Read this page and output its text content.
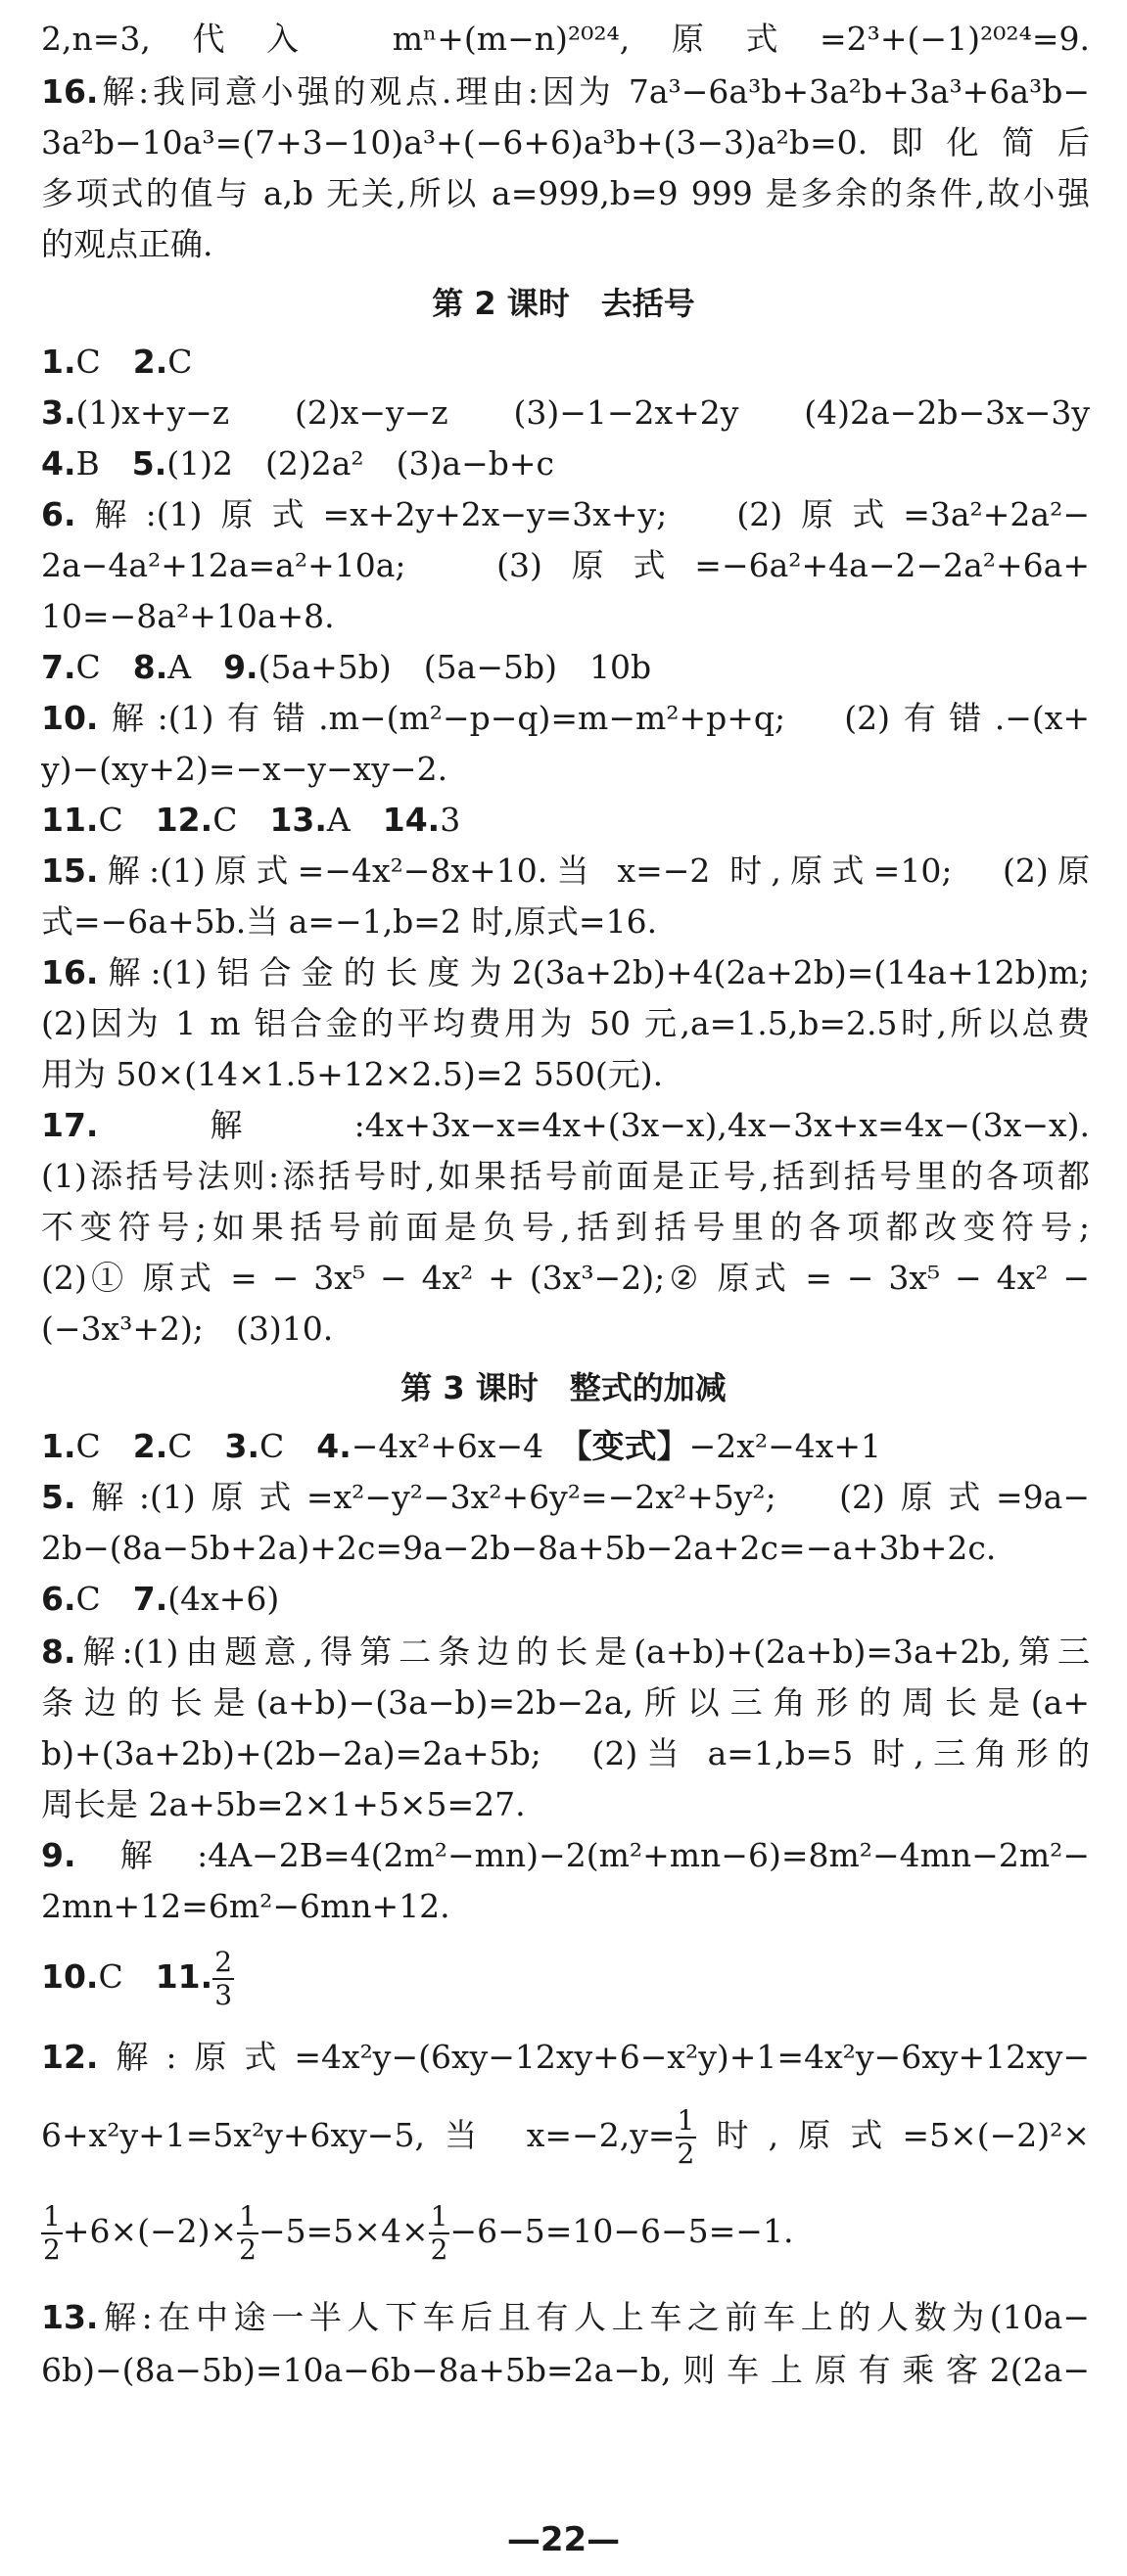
2,n=3,代入 mⁿ+(m−n)²⁰²⁴,原式=2³+(−1)²⁰²⁴=9.
16.解:我同意小强的观点.理由:因为 7a³−6a³b+3a²b+3a³+6a³b−
3a²b−10a³=(7+3−10)a³+(−6+6)a³b+(3−3)a²b=0.即化简后
多项式的值与 a,b 无关,所以 a=999,b=9 999 是多余的条件,故小强
的观点正确.
第 2 课时　去括号
1.C　2.C
3.(1)x+y−z　(2)x−y−z　(3)−1−2x+2y　(4)2a−2b−3x−3y
4.B　5.(1)2　(2)2a²　(3)a−b+c
6.解:(1)原式=x+2y+2x−y=3x+y;　(2)原式=3a²+2a²−
2a−4a²+12a=a²+10a;　(3)原式=−6a²+4a−2−2a²+6a+
10=−8a²+10a+8.
7.C　8.A　9.(5a+5b)　(5a−5b)　10b
10.解:(1)有错.m−(m²−p−q)=m−m²+p+q;　(2)有错.−(x+
y)−(xy+2)=−x−y−xy−2.
11.C　12.C　13.A　14.3
15.解:(1)原式=−4x²−8x+10.当 x=−2 时,原式=10;　(2)原
式=−6a+5b.当 a=−1,b=2 时,原式=16.
16.解:(1)铝合金的长度为2(3a+2b)+4(2a+2b)=(14a+12b)m;
(2)因为 1 m 铝合金的平均费用为 50 元,a=1.5,b=2.5时,所以总费
用为 50×(14×1.5+12×2.5)=2 550(元).
17.解:4x+3x−x=4x+(3x−x),4x−3x+x=4x−(3x−x).
(1)添括号法则:添括号时,如果括号前面是正号,括到括号里的各项都
不变符号;如果括号前面是负号,括到括号里的各项都改变符号;
(2)① 原式 = − 3x⁵ − 4x² + (3x³−2);② 原式 = − 3x⁵ − 4x² −
(−3x³+2);　(3)10.
第 3 课时　整式的加减
1.C　2.C　3.C　4.−4x²+6x−4　【变式】−2x²−4x+1
5.解:(1)原式=x²−y²−3x²+6y²=−2x²+5y²;　(2)原式=9a−
2b−(8a−5b+2a)+2c=9a−2b−8a+5b−2a+2c=−a+3b+2c.
6.C　7.(4x+6)
8.解:(1)由题意,得第二条边的长是(a+b)+(2a+b)=3a+2b,第三
条边的长是(a+b)−(3a−b)=2b−2a,所以三角形的周长是(a+
b)+(3a+2b)+(2b−2a)=2a+5b;　(2)当 a=1,b=5 时,三角形的
周长是 2a+5b=2×1+5×5=27.
9.解:4A−2B=4(2m²−mn)−2(m²+mn−6)=8m²−4mn−2m²−
2mn+12=6m²−6mn+12.
10.C　11. $\frac{2}{3}$
12.解:原式=4x²y−(6xy−12xy+6−x²y)+1=4x²y−6xy+12xy−
6+x²y+1=5x²y+6xy−5,当 $x=-2,y= \frac{1}{2}$ 时,原式=5×(−2)²×
$\frac{1}{2} +6\times(-2)\times \frac{1}{2} -5=5\times 4\times \frac{1}{2} -6-5=10-6-5=-1$.
13.解:在中途一半人下车后且有人上车之前车上的人数为(10a−
6b)−(8a−5b)=10a−6b−8a+5b=2a−b,则车上原有乘客2(2a−
—22—
